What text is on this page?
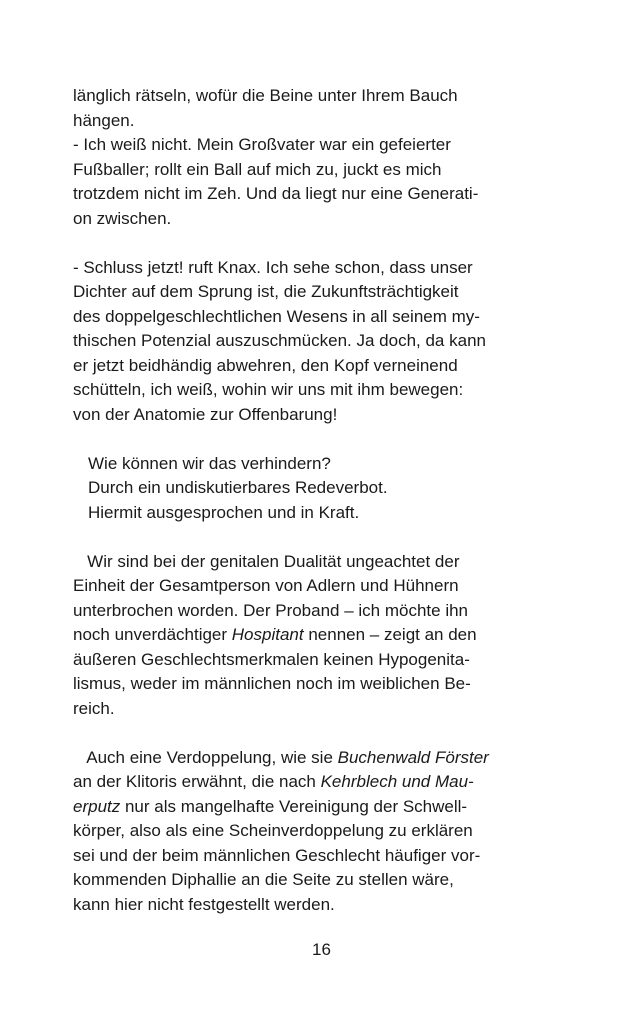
länglich rätseln, wofür die Beine unter Ihrem Bauch
hängen.
- Ich weiß nicht. Mein Großvater war ein gefeierter
Fußballer; rollt ein Ball auf mich zu, juckt es mich
trotzdem nicht im Zeh. Und da liegt nur eine Generati-
on zwischen.
- Schluss jetzt! ruft Knax. Ich sehe schon, dass unser
Dichter auf dem Sprung ist, die Zukunftsträchtigkeit
des doppelgeschlechtlichen Wesens in all seinem my-
thischen Potenzial auszuschmücken. Ja doch, da kann
er jetzt beidhändig abwehren, den Kopf verneinend
schütteln, ich weiß, wohin wir uns mit ihm bewegen:
von der Anatomie zur Offenbarung!
Wie können wir das verhindern?
Durch ein undiskutierbares Redeverbot.
Hiermit ausgesprochen und in Kraft.
Wir sind bei der genitalen Dualität ungeachtet der
Einheit der Gesamtperson von Adlern und Hühnern
unterbrochen worden. Der Proband – ich möchte ihn
noch unverdächtiger Hospitant nennen – zeigt an den
äußeren Geschlechtsmerkmalen keinen Hypogenita-
lismus, weder im männlichen noch im weiblichen Be-
reich.
Auch eine Verdoppelung, wie sie Buchenwald Förster
an der Klitoris erwähnt, die nach Kehrblech und Mau-
erputz nur als mangelhafte Vereinigung der Schwell-
körper, also als eine Scheinverdoppelung zu erklären
sei und der beim männlichen Geschlecht häufiger vor-
kommenden Diphallie an die Seite zu stellen wäre,
kann hier nicht festgestellt werden.
16
